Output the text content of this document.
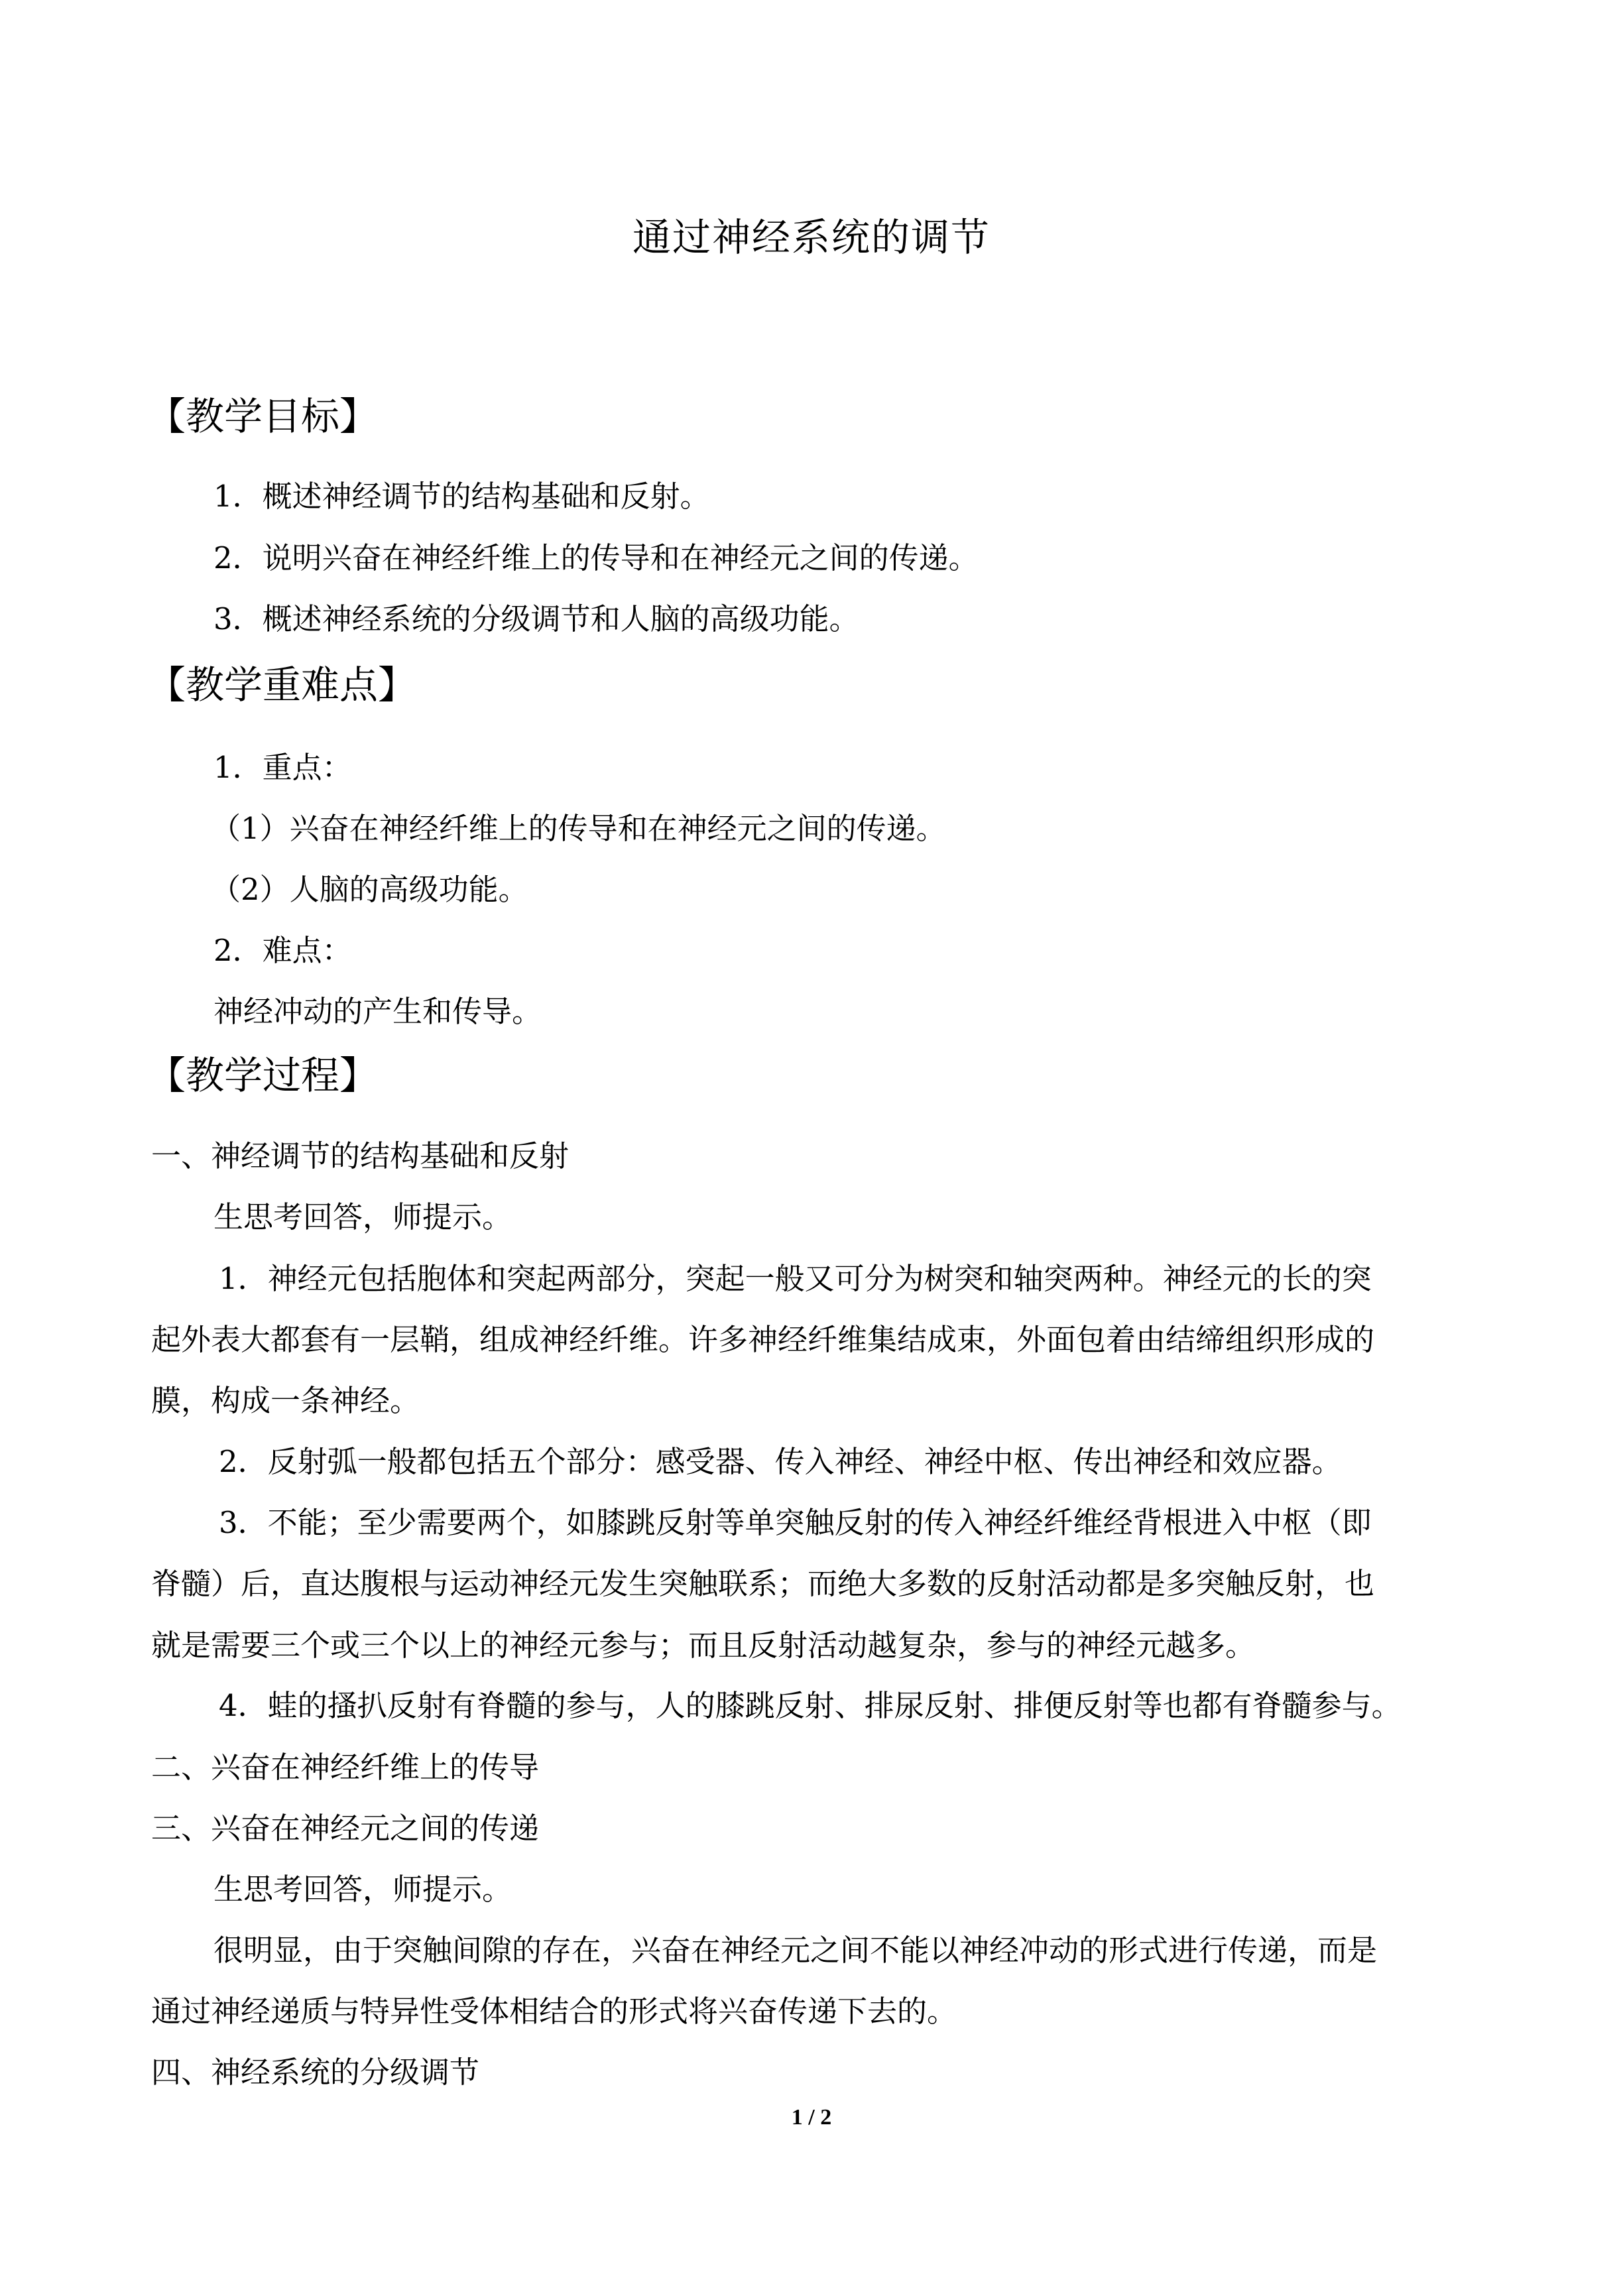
通过神经系统的调节
【教学目标】
1．概述神经调节的结构基础和反射。
2．说明兴奋在神经纤维上的传导和在神经元之间的传递。
3．概述神经系统的分级调节和人脑的高级功能。
【教学重难点】
1．重点：
（1）兴奋在神经纤维上的传导和在神经元之间的传递。
（2）人脑的高级功能。
2．难点：
神经冲动的产生和传导。
【教学过程】
一、神经调节的结构基础和反射
生思考回答，师提示。
1．神经元包括胞体和突起两部分，突起一般又可分为树突和轴突两种。神经元的长的突
起外表大都套有一层鞘，组成神经纤维。许多神经纤维集结成束，外面包着由结缔组织形成的
膜，构成一条神经。
2．反射弧一般都包括五个部分：感受器、传入神经、神经中枢、传出神经和效应器。
3．不能；至少需要两个，如膝跳反射等单突触反射的传入神经纤维经背根进入中枢（即
脊髓）后，直达腹根与运动神经元发生突触联系；而绝大多数的反射活动都是多突触反射，也
就是需要三个或三个以上的神经元参与；而且反射活动越复杂，参与的神经元越多。
4．蛙的搔扒反射有脊髓的参与，人的膝跳反射、排尿反射、排便反射等也都有脊髓参与。
二、兴奋在神经纤维上的传导
三、兴奋在神经元之间的传递
生思考回答，师提示。
很明显，由于突触间隙的存在，兴奋在神经元之间不能以神经冲动的形式进行传递，而是
通过神经递质与特异性受体相结合的形式将兴奋传递下去的。
四、神经系统的分级调节
1 / 2
